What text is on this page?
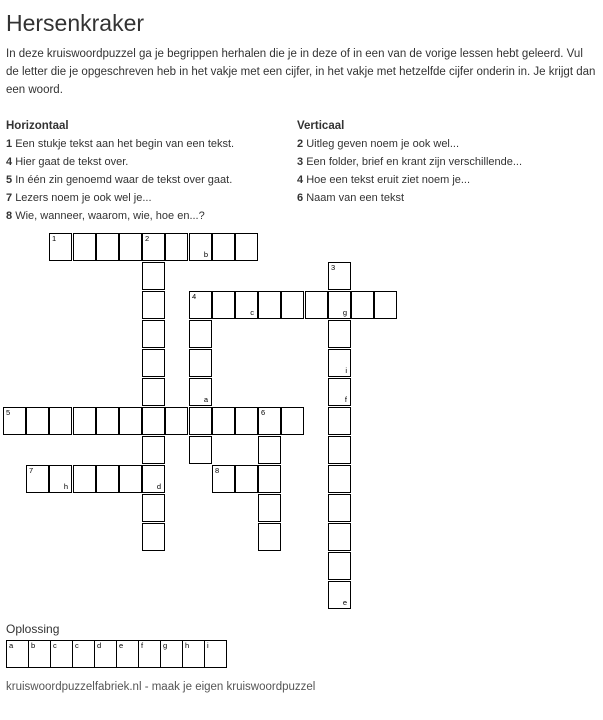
Hersenkraker
In deze kruiswoordpuzzel ga je begrippen herhalen die je in deze of in een van de vorige lessen hebt geleerd. Vul de letter die je opgeschreven heb in het vakje met een cijfer, in het vakje met hetzelfde cijfer onderin in. Je krijgt dan een woord.
Horizontaal
1 Een stukje tekst aan het begin van een tekst.
4 Hier gaat de tekst over.
5 In één zin genoemd waar de tekst over gaat.
7 Lezers noem je ook wel je...
8 Wie, wanneer, waarom, wie, hoe en...?
Verticaal
2 Uitleg geven noem je ook wel...
3 Een folder, brief en krant zijn verschillende...
4 Hoe een tekst eruit ziet noem je...
6 Naam van een tekst
1	2
b
d
3
g
i
f
e
4
c
a
5	6
7
h
8
Oplossing
a b c c d e f	g h i
kruiswoordpuzzelfabriek.nl - maak je eigen kruiswoordpuzzel
